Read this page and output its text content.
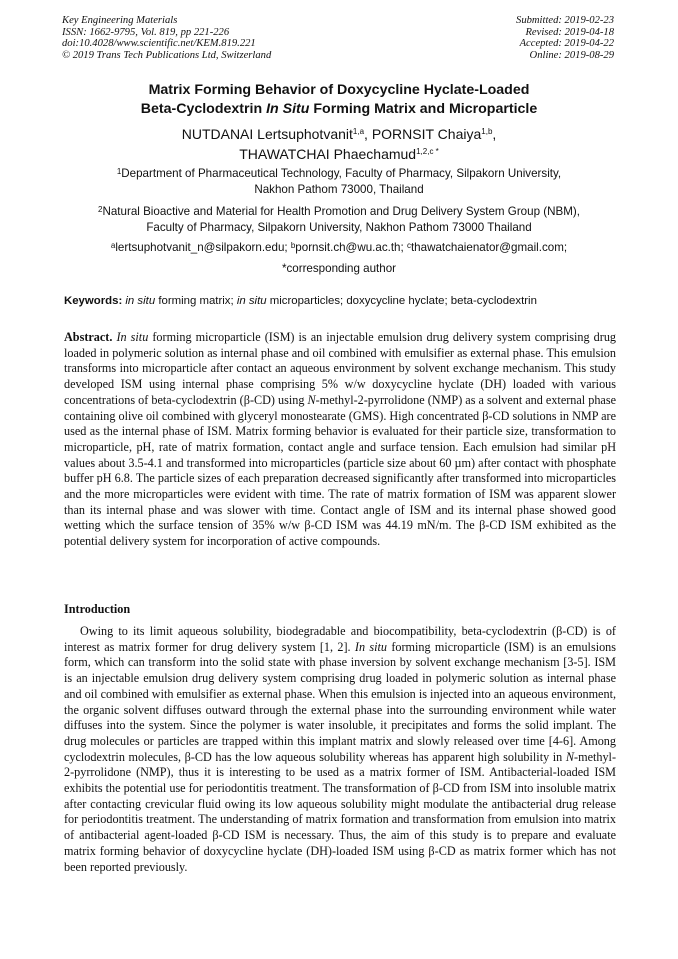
Key Engineering Materials
ISSN: 1662-9795, Vol. 819, pp 221-226
doi:10.4028/www.scientific.net/KEM.819.221
© 2019 Trans Tech Publications Ltd, Switzerland
Submitted: 2019-02-23
Revised: 2019-04-18
Accepted: 2019-04-22
Online: 2019-08-29
Matrix Forming Behavior of Doxycycline Hyclate-Loaded
Beta-Cyclodextrin In Situ Forming Matrix and Microparticle
NUTDANAI Lertsuphotvanit$^{1,a}$, PORNSIT Chaiya$^{1,b}$,
THAWATCHAI Phaechamud$^{1,2,c *}$
$^1$Department of Pharmaceutical Technology, Faculty of Pharmacy, Silpakorn University,
Nakhon Pathom 73000, Thailand
$^2$Natural Bioactive and Material for Health Promotion and Drug Delivery System Group (NBM),
Faculty of Pharmacy, Silpakorn University, Nakhon Pathom 73000 Thailand
$^a$lertsuphotvanit_n@silpakorn.edu; $^b$pornsit.ch@wu.ac.th; $^c$thawatchaienator@gmail.com;
*corresponding author
Keywords: in situ forming matrix; in situ microparticles; doxycycline hyclate; beta-cyclodextrin
Abstract. In situ forming microparticle (ISM) is an injectable emulsion drug delivery system comprising drug loaded in polymeric solution as internal phase and oil combined with emulsifier as external phase. This emulsion transforms into microparticle after contact an aqueous environment by solvent exchange mechanism. This study developed ISM using internal phase comprising 5% w/w doxycycline hyclate (DH) loaded with various concentrations of beta-cyclodextrin (β-CD) using N-methyl-2-pyrrolidone (NMP) as a solvent and external phase containing olive oil combined with glyceryl monostearate (GMS). High concentrated β-CD solutions in NMP are used as the internal phase of ISM. Matrix forming behavior is evaluated for their particle size, transformation to microparticle, pH, rate of matrix formation, contact angle and surface tension. Each emulsion had similar pH values about 3.5-4.1 and transformed into microparticles (particle size about 60 µm) after contact with phosphate buffer pH 6.8. The particle sizes of each preparation decreased significantly after transformed into microparticles and the more microparticles were evident with time. The rate of matrix formation of ISM was apparent slower than its internal phase and was slower with time. Contact angle of ISM and its internal phase showed good wetting which the surface tension of 35% w/w β-CD ISM was 44.19 mN/m. The β-CD ISM exhibited as the potential delivery system for incorporation of active compounds.
Introduction
Owing to its limit aqueous solubility, biodegradable and biocompatibility, beta-cyclodextrin (β-CD) is of interest as matrix former for drug delivery system [1, 2]. In situ forming microparticle (ISM) is an emulsions form, which can transform into the solid state with phase inversion by solvent exchange mechanism [3-5]. ISM is an injectable emulsion drug delivery system comprising drug loaded in polymeric solution as internal phase and oil combined with emulsifier as external phase. When this emulsion is injected into an aqueous environment, the organic solvent diffuses outward through the external phase into the surrounding environment while water diffuses into the system. Since the polymer is water insoluble, it precipitates and forms the solid implant. The drug molecules or particles are trapped within this implant matrix and slowly released over time [4-6]. Among cyclodextrin molecules, β-CD has the low aqueous solubility whereas has apparent high solubility in N-methyl-2-pyrrolidone (NMP), thus it is interesting to be used as a matrix former of ISM. Antibacterial-loaded ISM exhibits the potential use for periodontitis treatment. The transformation of β-CD from ISM into insoluble matrix after contacting crevicular fluid owing its low aqueous solubility might modulate the antibacterial drug release for periodontitis treatment. The understanding of matrix formation and transformation from emulsion into matrix of antibacterial agent-loaded β-CD ISM is necessary. Thus, the aim of this study is to prepare and evaluate matrix forming behavior of doxycycline hyclate (DH)-loaded ISM using β-CD as matrix former which has not been reported previously.
